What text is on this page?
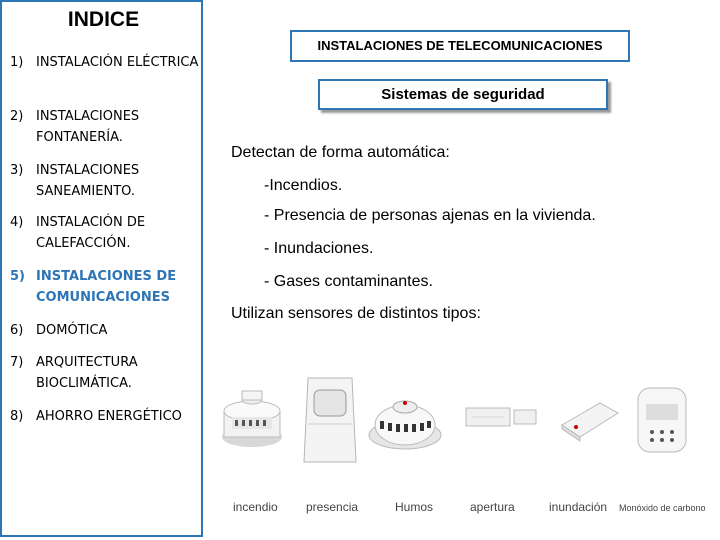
INDICE
1) INSTALACIÓN ELÉCTRICA
2) INSTALACIONES FONTANERÍA.
3) INSTALACIONES SANEAMIENTO.
4) INSTALACIÓN DE CALEFACCIÓN.
5) INSTALACIONES DE COMUNICACIONES
6) DOMÓTICA
7) ARQUITECTURA BIOCLIMÁTICA.
8) AHORRO ENERGÉTICO
INSTALACIONES DE TELECOMUNICACIONES
Sistemas de seguridad
Detectan de forma automática:
-Incendios.
- Presencia de personas ajenas en la vivienda.
- Inundaciones.
- Gases contaminantes.
Utilizan sensores de distintos tipos:
incendio presencia	Humos	apertura	inundación Monóxido de carbono
